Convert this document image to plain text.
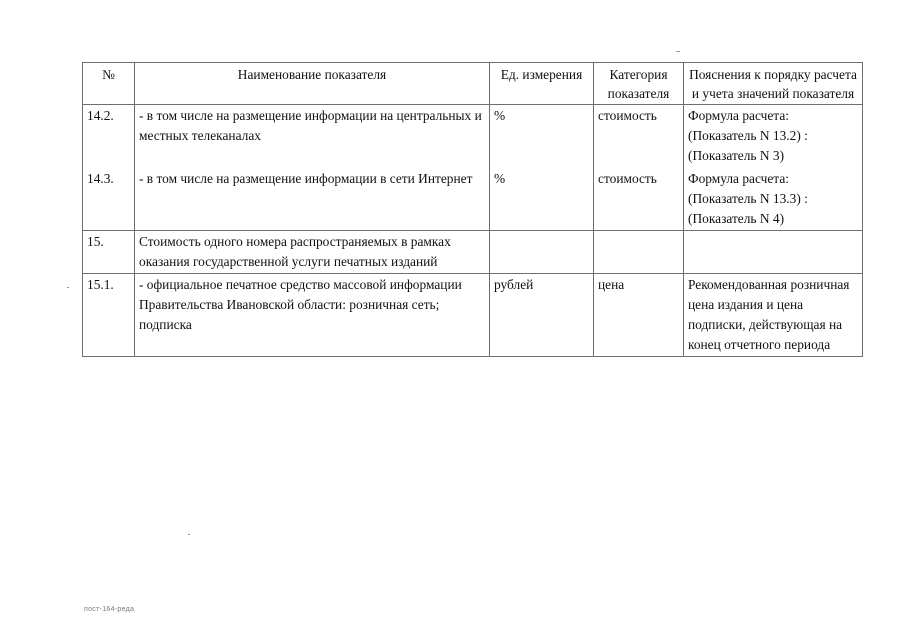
№	Наименование показателя	Ед. измерения	Категория показателя	Пояснения к порядку расчета и учета значений показателя
14.2.	- в том числе на размещение информации на центральных и местных телеканалах	%	стоимость	Формула расчета:
(Показатель N 13.2) :
(Показатель N 3)

14.3.	- в том числе на размещение информации в сети Интернет	%	стоимость	Формула расчета:
(Показатель N 13.3) :
(Показатель N 4)

15.	Стоимость одного номера распространяемых в рамках оказания государственной услуги печатных изданий			
15.1.	- официальное печатное средство массовой информации Правительства Ивановской области: розничная сеть; подписка	рублей	цена	Рекомендованная розничная цена издания и цена подписки, действующая на конец отчетного периода
пост-164-реда
